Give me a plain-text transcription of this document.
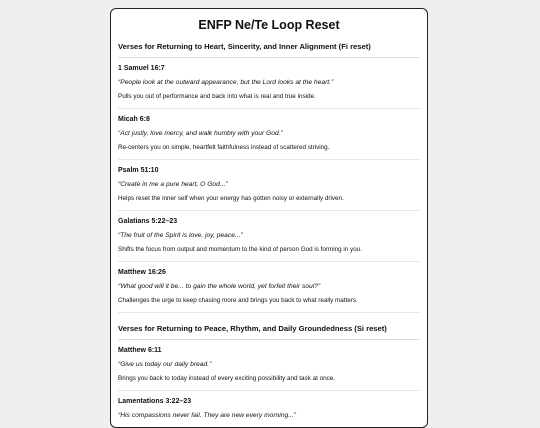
ENFP Ne/Te Loop Reset
Verses for Returning to Heart, Sincerity, and Inner Alignment (Fi reset)
1 Samuel 16:7
“People look at the outward appearance, but the Lord looks at the heart.”
Pulls you out of performance and back into what is real and true inside.
Micah 6:8
“Act justly, love mercy, and walk humbly with your God.”
Re-centers you on simple, heartfelt faithfulness instead of scattered striving.
Psalm 51:10
“Create in me a pure heart, O God...”
Helps reset the inner self when your energy has gotten noisy or externally driven.
Galatians 5:22–23
“The fruit of the Spirit is love, joy, peace...”
Shifts the focus from output and momentum to the kind of person God is forming in you.
Matthew 16:26
“What good will it be... to gain the whole world, yet forfeit their soul?”
Challenges the urge to keep chasing more and brings you back to what really matters.
Verses for Returning to Peace, Rhythm, and Daily Groundedness (Si reset)
Matthew 6:11
“Give us today our daily bread.”
Brings you back to today instead of every exciting possibility and task at once.
Lamentations 3:22–23
“His compassions never fail. They are new every morning...”
